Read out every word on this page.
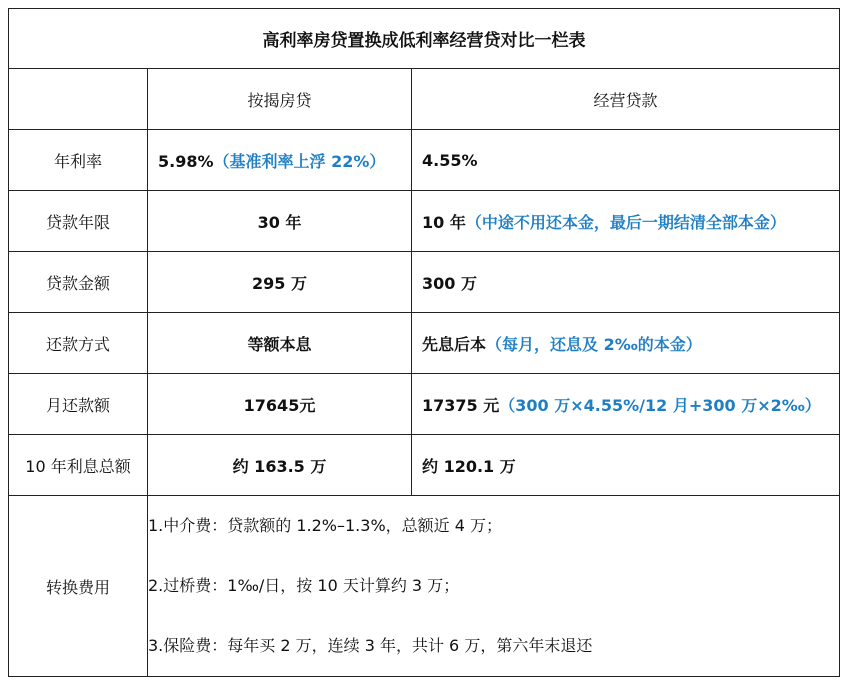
高利率房贷置换成低利率经营贷对比一栏表		
	按揭房贷	经营贷款
年利率	5.98%（基准利率上浮 22%）	4.55%
贷款年限	30 年	10 年（中途不用还本金，最后一期结清全部本金）
贷款金额	295 万	300 万
还款方式	等额本息	先息后本（每月，还息及 2‰的本金）
月还款额	17645元	17375 元（300 万×4.55%/12 月+300 万×2‰）
10 年利息总额	约 163.5 万	约 120.1 万
转换费用	1.中介费：贷款额的 1.2%–1.3%，总额近 4 万；
2.过桥费：1‰/日，按 10 天计算约 3 万；
3.保险费：每年买 2 万，连续 3 年，共计 6 万，第六年末退还	
